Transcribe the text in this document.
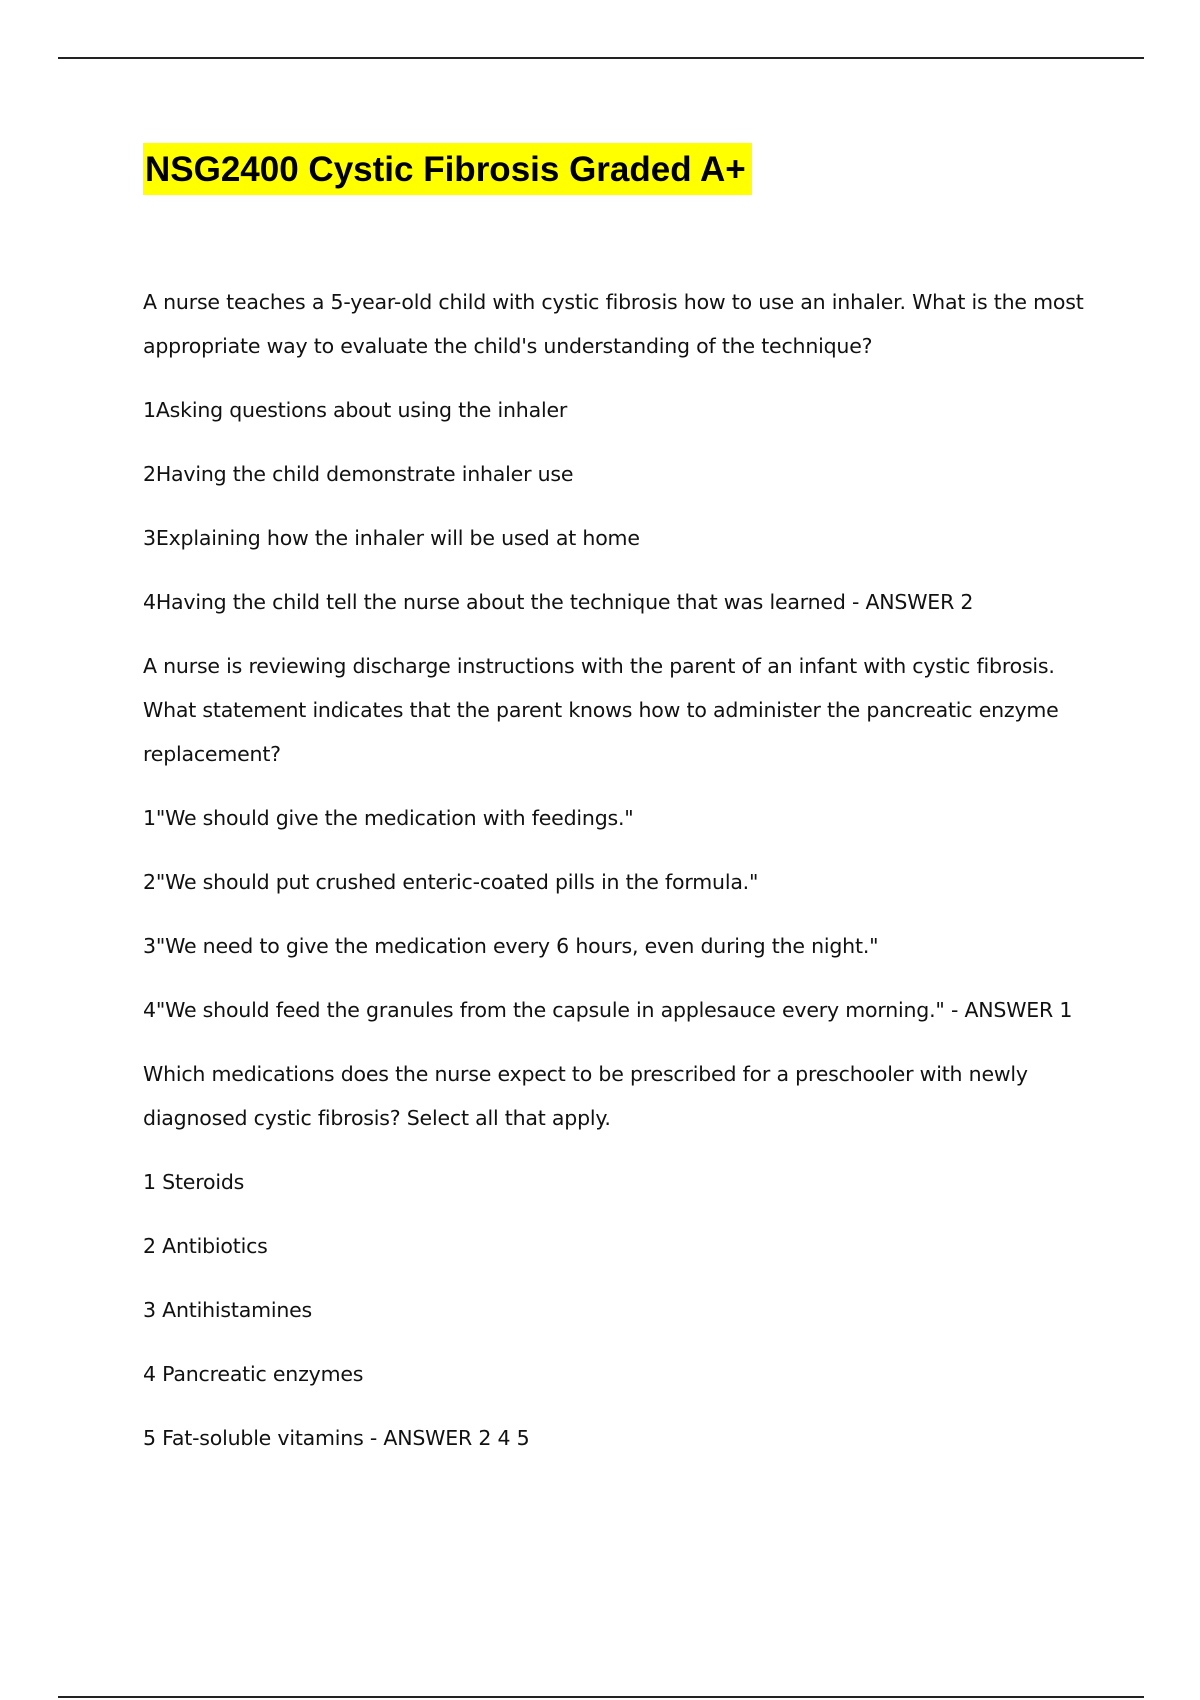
NSG2400 Cystic Fibrosis Graded A+

A nurse teaches a 5-year-old child with cystic fibrosis how to use an inhaler. What is the most appropriate way to evaluate the child's understanding of the technique?

1Asking questions about using the inhaler

2Having the child demonstrate inhaler use

3Explaining how the inhaler will be used at home

4Having the child tell the nurse about the technique that was learned - ANSWER 2

A nurse is reviewing discharge instructions with the parent of an infant with cystic fibrosis. What statement indicates that the parent knows how to administer the pancreatic enzyme replacement?

1"We should give the medication with feedings."

2"We should put crushed enteric-coated pills in the formula."

3"We need to give the medication every 6 hours, even during the night."

4"We should feed the granules from the capsule in applesauce every morning." - ANSWER 1

Which medications does the nurse expect to be prescribed for a preschooler with newly diagnosed cystic fibrosis? Select all that apply.

1 Steroids

2 Antibiotics

3 Antihistamines

4 Pancreatic enzymes

5 Fat-soluble vitamins - ANSWER 2 4 5
